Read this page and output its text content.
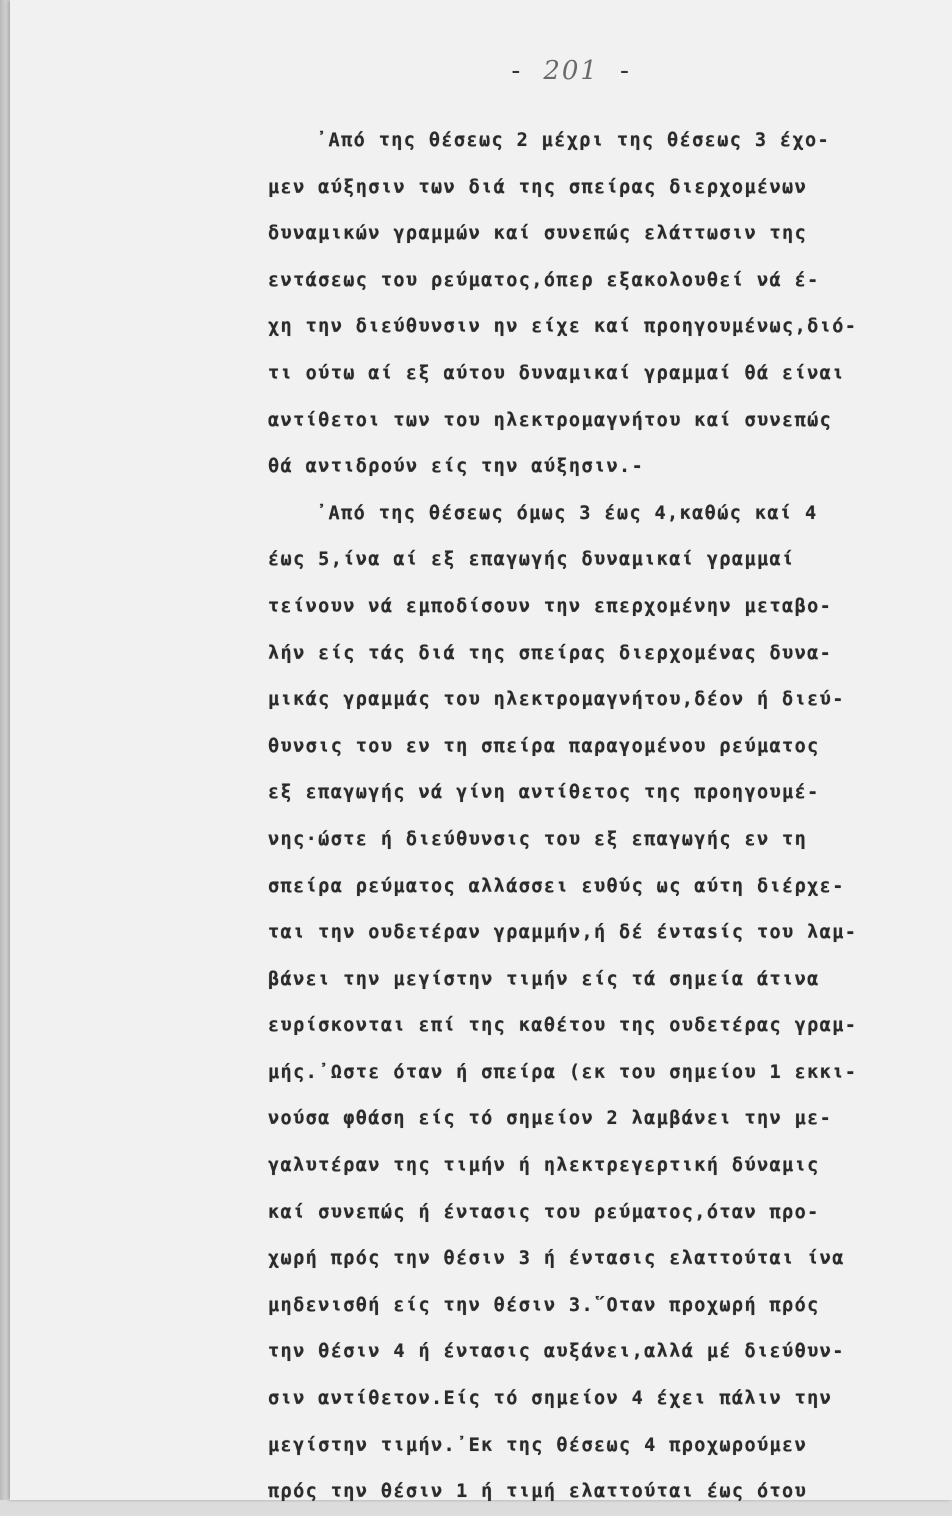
- 201 -
᾽Από της θέσεως 2 μέχρι της θέσεως 3 έχο-
μεν αύξησιν των διά της σπείρας διερχομένων
δυναμικών γραμμών καί συνεπώς ελάττωσιν της
εντάσεως του ρεύματος,όπερ εξακολουθεί νά έ-
χη την διεύθυνσιν ην είχε καί προηγουμένως,διό-
τι ούτω αί εξ αύτου δυναμικαί γραμμαί θά είναι
αντίθετοι των του ηλεκτρομαγνήτου καί συνεπώς
θά αντιδρούν είς την αύξησιν.-
᾽Από της θέσεως όμως 3 έως 4,καθώς καί 4
έως 5,ίνα αί εξ επαγωγής δυναμικαί γραμμαί
τείνουν νά εμποδίσουν την επερχομένην μεταβο-
λήν είς τάς διά της σπείρας διερχομένας δυνα-
μικάς γραμμάς του ηλεκτρομαγνήτου,δέον ή διεύ-
θυνσις του εν τη σπείρα παραγομένου ρεύματος
εξ επαγωγής νά γίνη αντίθετος της προηγουμέ-
νης·ώστε ή διεύθυνσις του εξ επαγωγής εν τη
σπείρα ρεύματος αλλάσσει ευθύς ως αύτη διέρχε-
ται την ουδετέραν γραμμήν,ή δέ ένταsίς του λαμ-
βάνει την μεγίστην τιμήν είς τά σημεία άτινα
ευρίσκονται επί της καθέτου της ουδετέρας γραμ-
μής.᾽Ωστε όταν ή σπείρα (εκ του σημείου 1 εκκι-
νούσα φθάση είς τό σημείον 2 λαμβάνει την με-
γαλυτέραν της τιμήν ή ηλεκτρεγερτική δύναμις
καί συνεπώς ή έντασις του ρεύματος,όταν προ-
χωρή πρός την θέσιν 3 ή έντασις ελαττούται ίνα
μηδενισθή είς την θέσιν 3.῞Οταν προχωρή πρός
την θέσιν 4 ή έντασις αυξάνει,αλλά μέ διεύθυν-
σιν αντίθετον.Είς τό σημείον 4 έχει πάλιν την
μεγίστην τιμήν.᾽Εκ της θέσεως 4 προχωρούμεν
πρός την θέσιν 1 ή τιμή ελαττούται έως ότου
